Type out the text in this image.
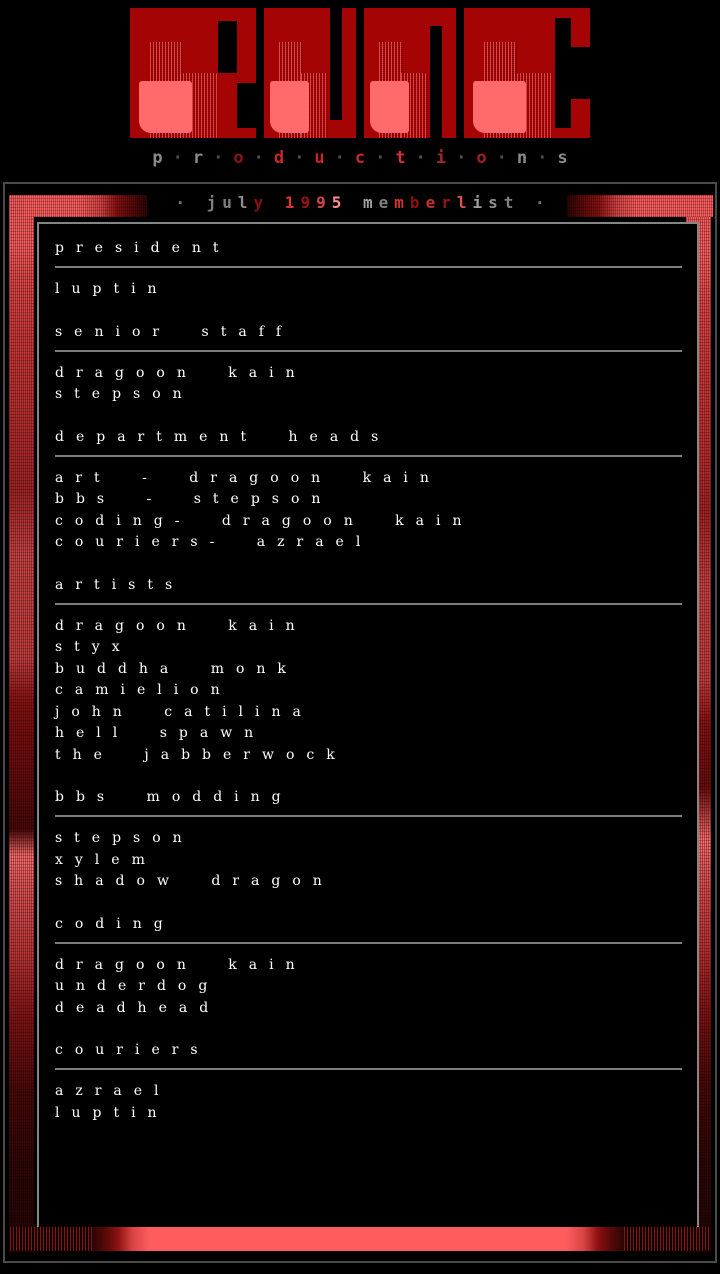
p · r · o · d · u · c · t · i · o · n · s
president
luptin
senior staff
dragoon kain
stepson
department heads
art - dragoon kain
bbs - stepson
coding- dragoon kain
couriers- azrael
artists
dragoon kain
styx
buddha monk
camielion
john catilina
hell spawn
the jabberwock
bbs modding
stepson
xylem
shadow dragon
coding
dragoon kain
underdog
deadhead
couriers
azrael
luptin
· j u l y 1 9 9 5 m e m b e r l i s t ·
